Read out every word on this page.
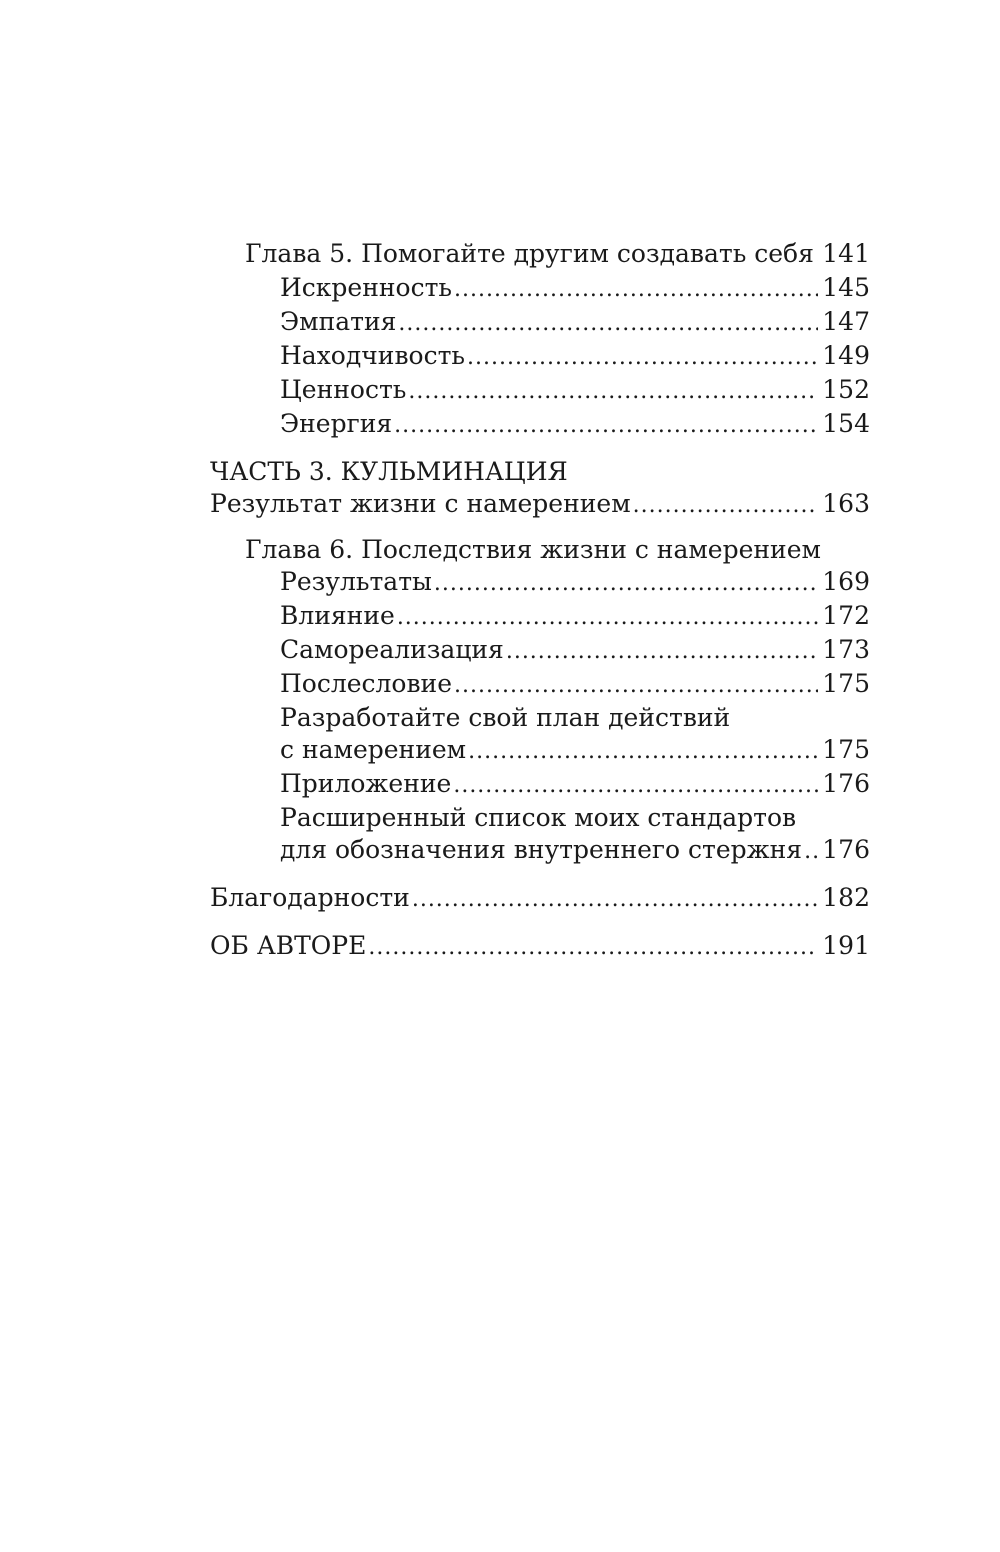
Глава 5. Помогайте другим создавать себя ..... 141
Искренность .....	145
Эмпатия .....	147
Находчивость .....	149
Ценность .....	152
Энергия .....	154
ЧАСТЬ 3. КУЛЬМИНАЦИЯ
Результат жизни с намерением .....	163
Глава 6. Последствия жизни с намерением
Результаты .....	169
Влияние .....	172
Самореализация .....	173
Послесловие .....	175
Разработайте свой план действий
с намерением .....	175
Приложение .....	176
Расширенный список моих стандартов
для обозначения внутреннего стержня ..... 176
Благодарности .....	182
ОБ АВТОРЕ .....	191
